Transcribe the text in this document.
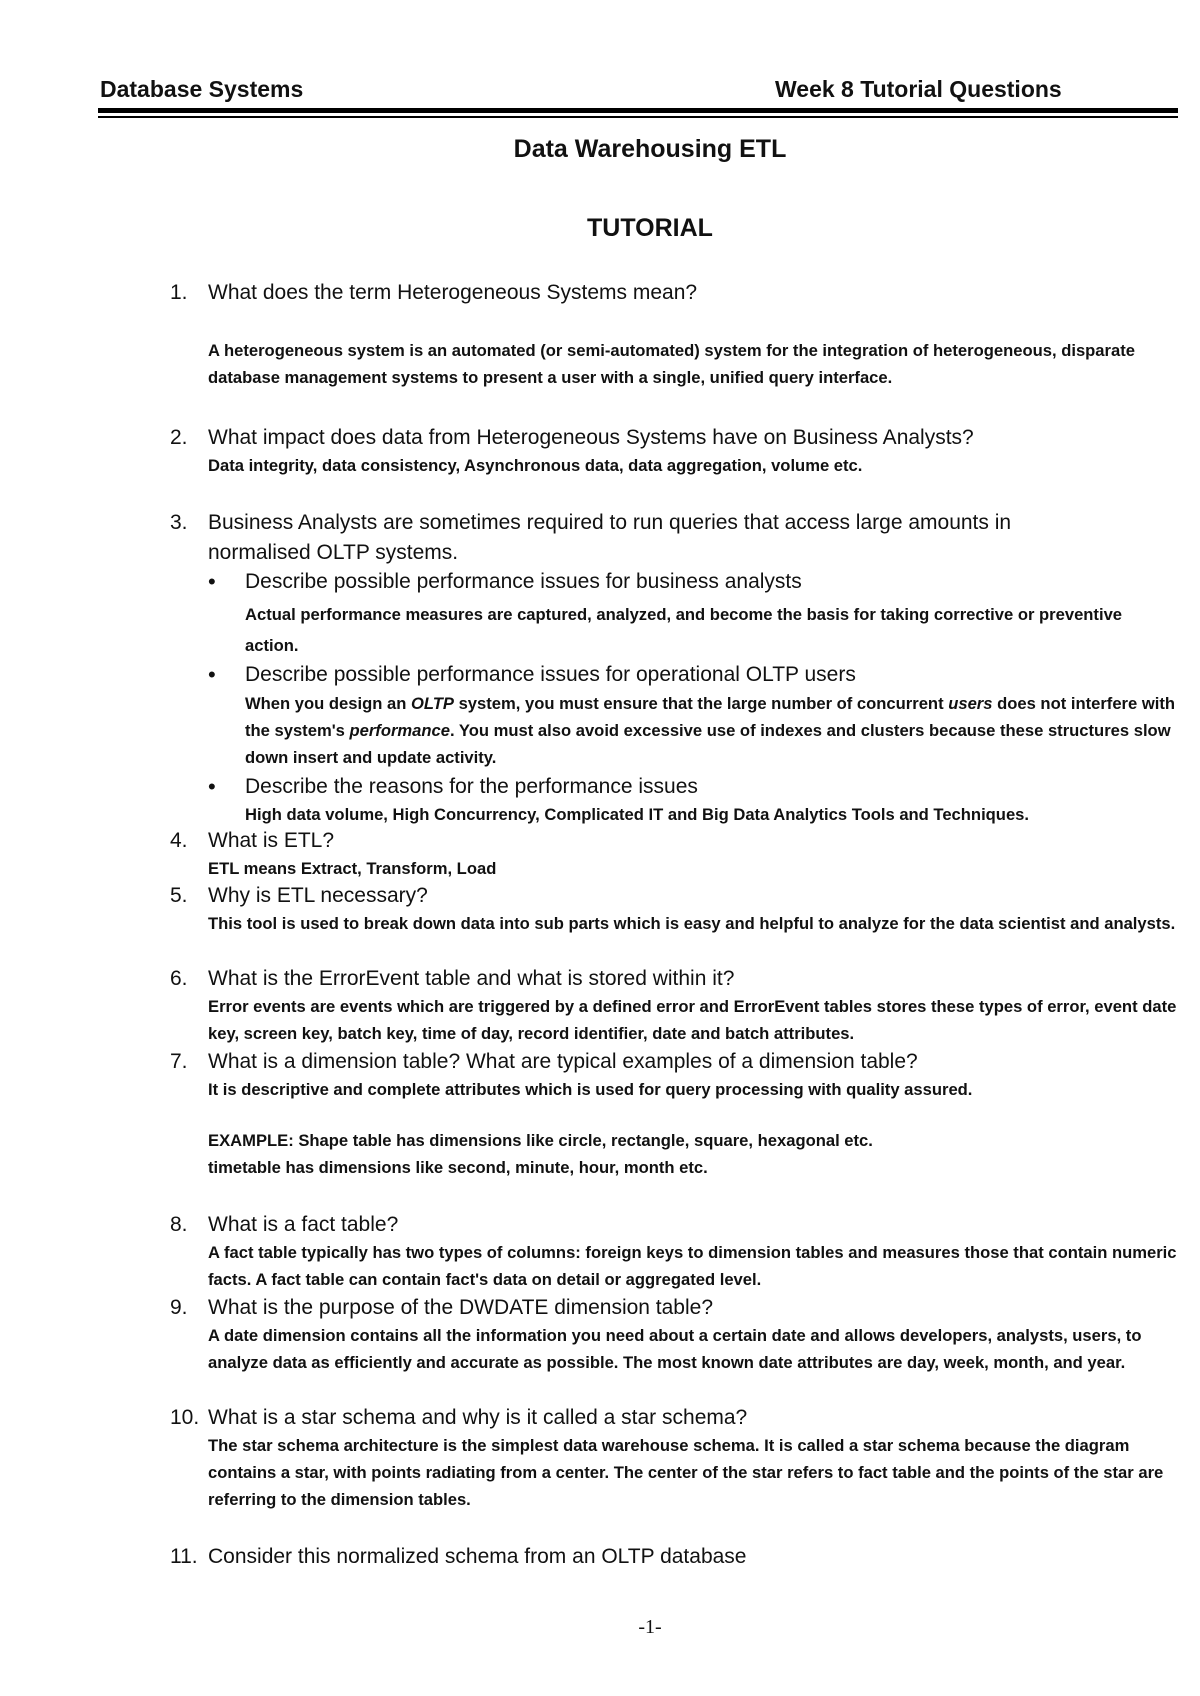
Database Systems	Week 8 Tutorial Questions
Data Warehousing ETL
TUTORIAL
1. What does the term Heterogeneous Systems mean?
A heterogeneous system is an automated (or semi-automated) system for the integration of heterogeneous, disparate database management systems to present a user with a single, unified query interface.
2. What impact does data from Heterogeneous Systems have on Business Analysts?
Data integrity, data consistency, Asynchronous data, data aggregation, volume etc.
3. Business Analysts are sometimes required to run queries that access large amounts in normalised OLTP systems.
• Describe possible performance issues for business analysts
Actual performance measures are captured, analyzed, and become the basis for taking corrective or preventive action.
• Describe possible performance issues for operational OLTP users
When you design an OLTP system, you must ensure that the large number of concurrent users does not interfere with the system's performance. You must also avoid excessive use of indexes and clusters because these structures slow down insert and update activity.
• Describe the reasons for the performance issues
High data volume, High Concurrency, Complicated IT and Big Data Analytics Tools and Techniques.
4. What is ETL?
ETL means Extract, Transform, Load
5. Why is ETL necessary?
This tool is used to break down data into sub parts which is easy and helpful to analyze for the data scientist and analysts.
6. What is the ErrorEvent table and what is stored within it?
Error events are events which are triggered by a defined error and ErrorEvent tables stores these types of error, event date key, screen key, batch key, time of day, record identifier, date and batch attributes.
7. What is a dimension table? What are typical examples of a dimension table?
It is descriptive and complete attributes which is used for query processing with quality assured.
EXAMPLE: Shape table has dimensions like circle, rectangle, square, hexagonal etc.
timetable has dimensions like second, minute, hour, month etc.
8. What is a fact table?
A fact table typically has two types of columns: foreign keys to dimension tables and measures those that contain numeric facts. A fact table can contain fact's data on detail or aggregated level.
9. What is the purpose of the DWDATE dimension table?
A date dimension contains all the information you need about a certain date and allows developers, analysts, users, to analyze data as efficiently and accurate as possible. The most known date attributes are day, week, month, and year.
10. What is a star schema and why is it called a star schema?
The star schema architecture is the simplest data warehouse schema. It is called a star schema because the diagram contains a star, with points radiating from a center. The center of the star refers to fact table and the points of the star are referring to the dimension tables.
11. Consider this normalized schema from an OLTP database
-1-
